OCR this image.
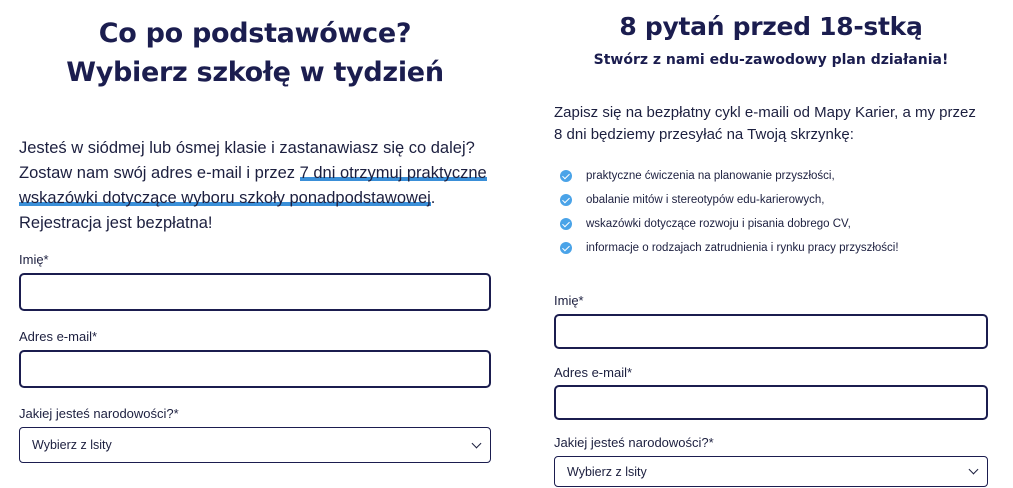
Co po podstawówce?
Wybierz szkołę w tydzień

Jesteś w siódmej lub ósmej klasie i zastanawiasz się co dalej? Zostaw nam swój adres e-mail i przez 7 dni otrzymuj praktyczne wskazówki dotyczące wyboru szkoły ponadpodstawowej. Rejestracja jest bezpłatna!

Imię*
Adres e-mail*
Jakiej jesteś narodowości?*
Wybierz z lsity
8 pytań przed 18-stką
Stwórz z nami edu-zawodowy plan działania!

Zapisz się na bezpłatny cykl e-maili od Mapy Karier, a my przez 8 dni będziemy przesyłać na Twoją skrzynkę:

praktyczne ćwiczenia na planowanie przyszłości,
obalanie mitów i stereotypów edu-karierowych,
wskazówki dotyczące rozwoju i pisania dobrego CV,
informacje o rodzajach zatrudnienia i rynku pracy przyszłości!
Imię*
Adres e-mail*
Jakiej jesteś narodowości?*
Wybierz z lsity
